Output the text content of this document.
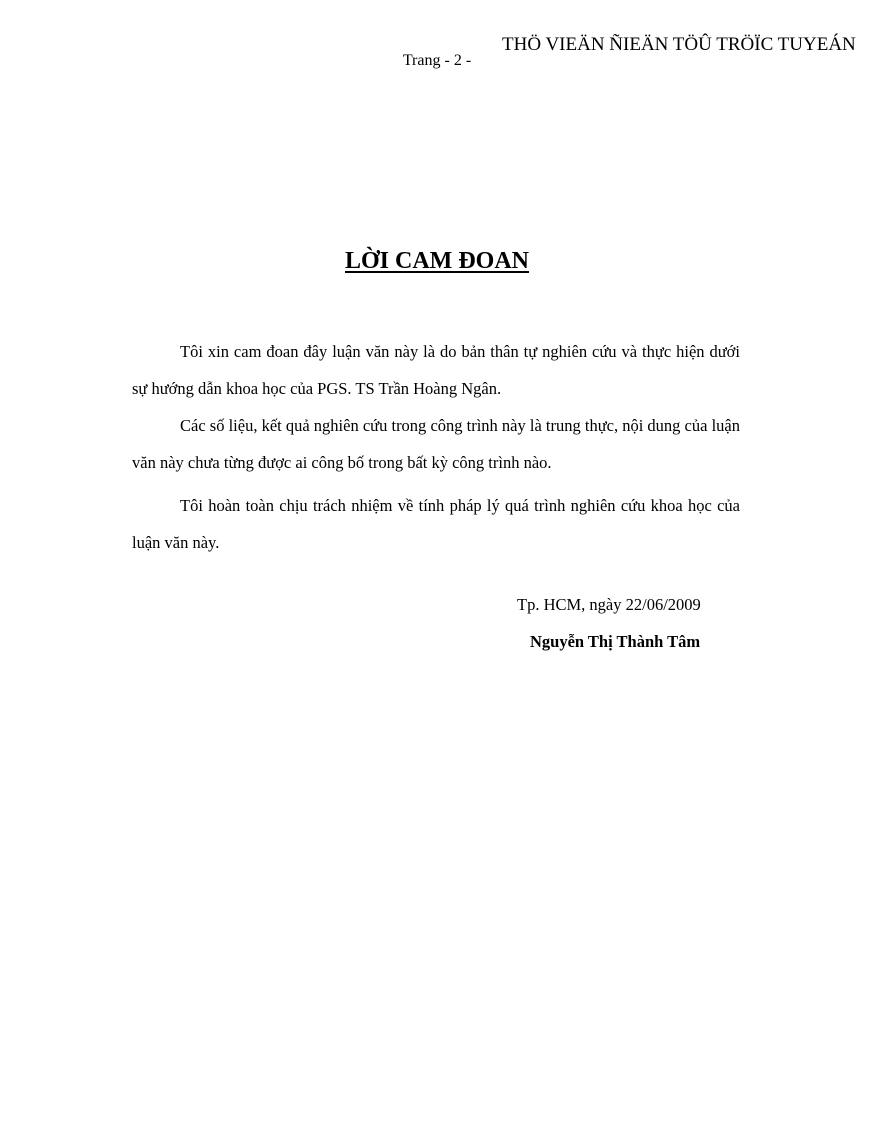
THÖ VIEÄN ÑIEÄN TÖÛ TRÖÏC TUYEÁN
Trang - 2 -
LỜI CAM ĐOAN

Tôi xin cam đoan đây luận văn này là do bản thân tự nghiên cứu và thực hiện dưới sự hướng dẫn khoa học của PGS. TS Trần Hoàng Ngân.

Các số liệu, kết quả nghiên cứu trong công trình này là trung thực, nội dung của luận văn này chưa từng được ai công bố trong bất kỳ công trình nào.

Tôi hoàn toàn chịu trách nhiệm về tính pháp lý quá trình nghiên cứu khoa học của luận văn này.

Tp. HCM, ngày 22/06/2009

Nguyễn Thị Thành Tâm
